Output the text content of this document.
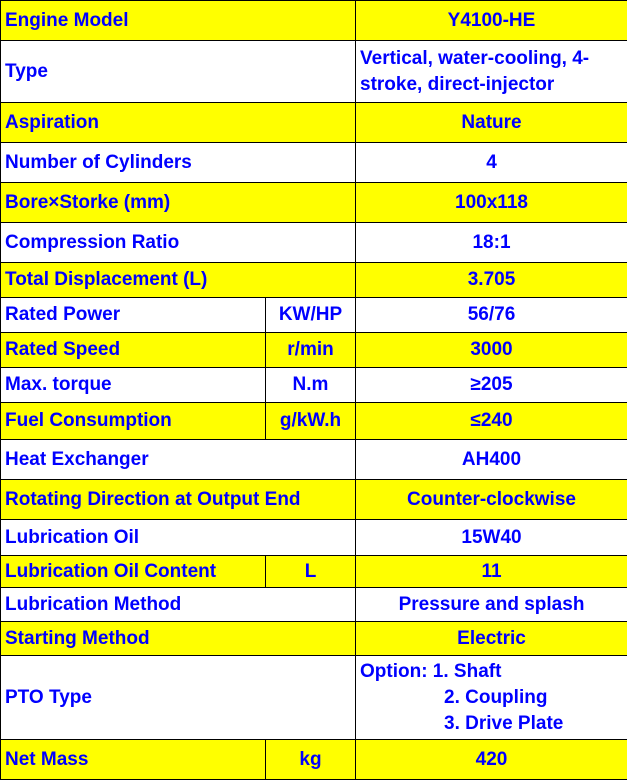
Engine Model		Y4100-HE
Type		Vertical, water-cooling, 4-stroke, direct-injector
Aspiration		Nature
Number of Cylinders		4
Bore×Storke (mm)		100x118
Compression Ratio		18:1
Total Displacement (L)		3.705
Rated Power	KW/HP	56/76
Rated Speed	r/min	3000
Max. torque	N.m	≥205
Fuel Consumption	g/kW.h	≤240
Heat Exchanger		AH400
Rotating Direction at Output End		Counter-clockwise
Lubrication Oil		15W40
Lubrication Oil Content	L	11
Lubrication Method		Pressure and splash
Starting Method		Electric
PTO Type		Option: 1. Shaft
2. Coupling
3. Drive Plate

Net Mass	kg	420
